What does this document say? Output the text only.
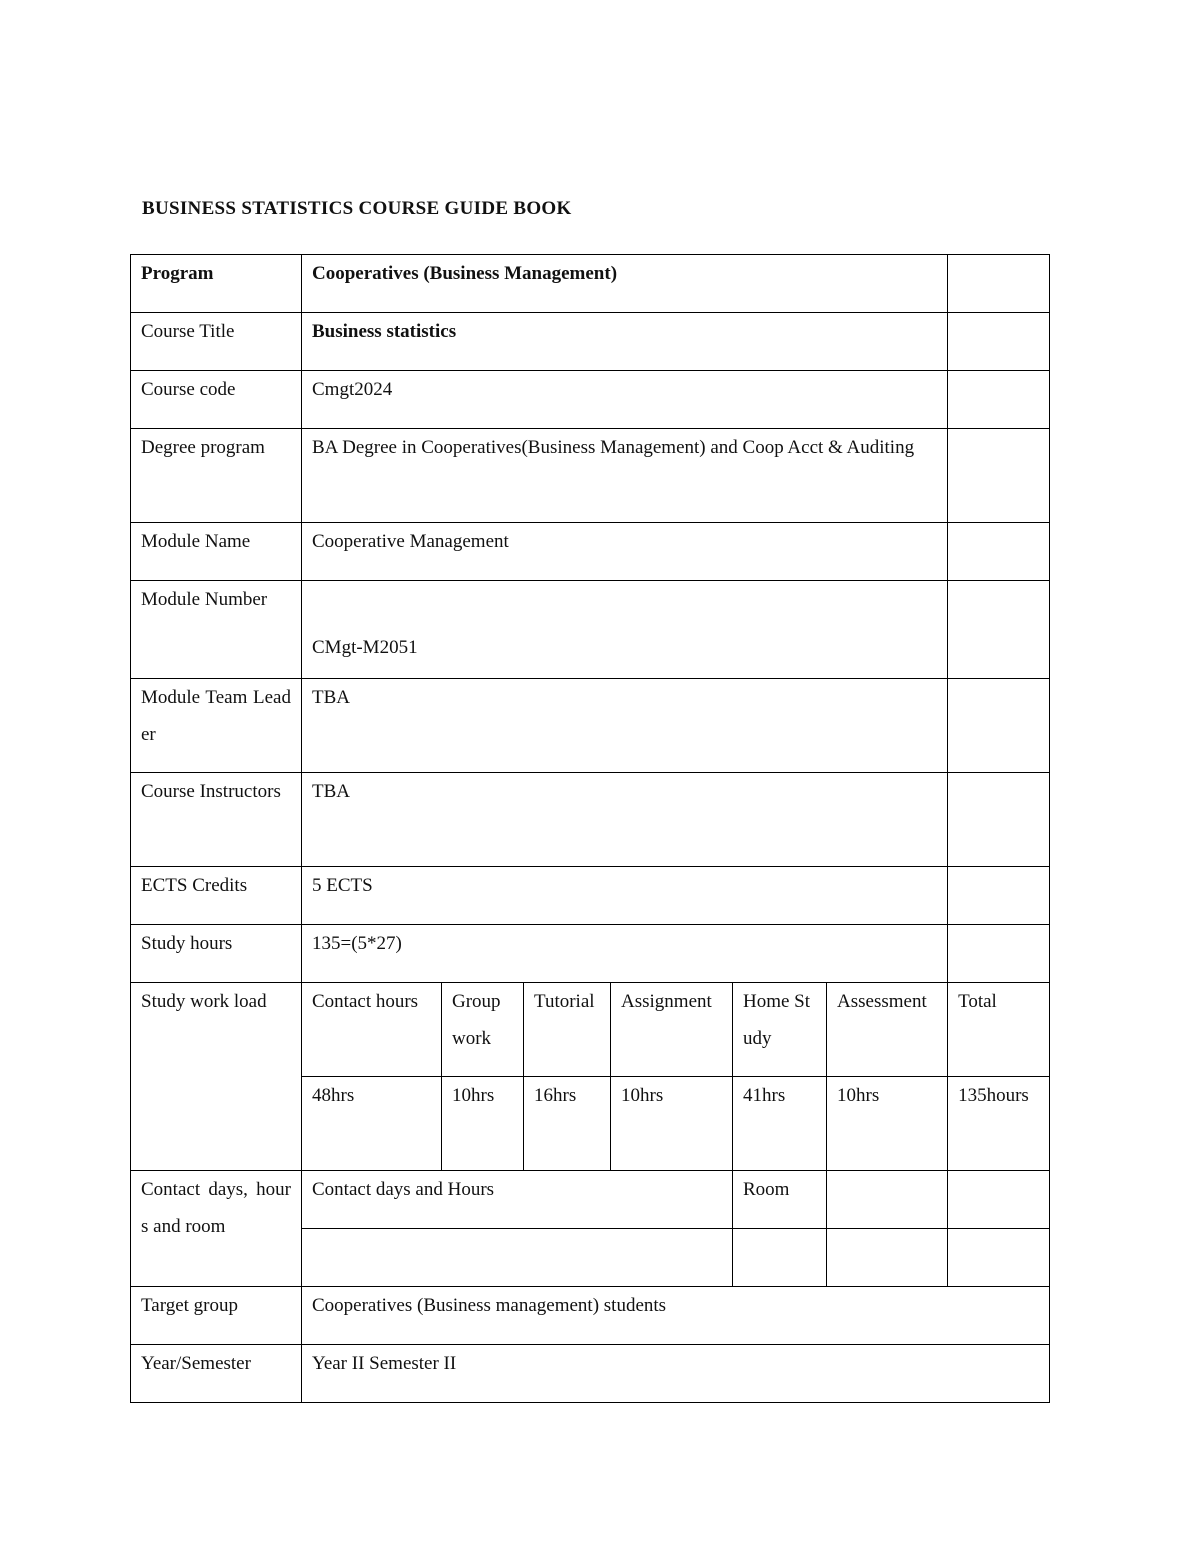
BUSINESS STATISTICS COURSE GUIDE BOOK
Program	Cooperatives (Business Management)						
Course Title	Business statistics						
Course code	Cmgt2024						
Degree program	BA Degree in Cooperatives(Business Management) and Coop Acct & Auditing						
Module Name	Cooperative Management						
Module Number	CMgt-M2051						
Module Team Leader	TBA						
Course Instructors	TBA						
ECTS Credits	5 ECTS						
Study hours	135=(5*27)						
Study work load	Contact hours	Group work	Tutorial	Assignment	Home Study	Assessment	Total
	48hrs	10hrs	16hrs	10hrs	41hrs	10hrs	135hours
Contact days, hours and room	Contact days and Hours				Room		

Target group	Cooperatives (Business management) students						
Year/Semester	Year II Semester II						
